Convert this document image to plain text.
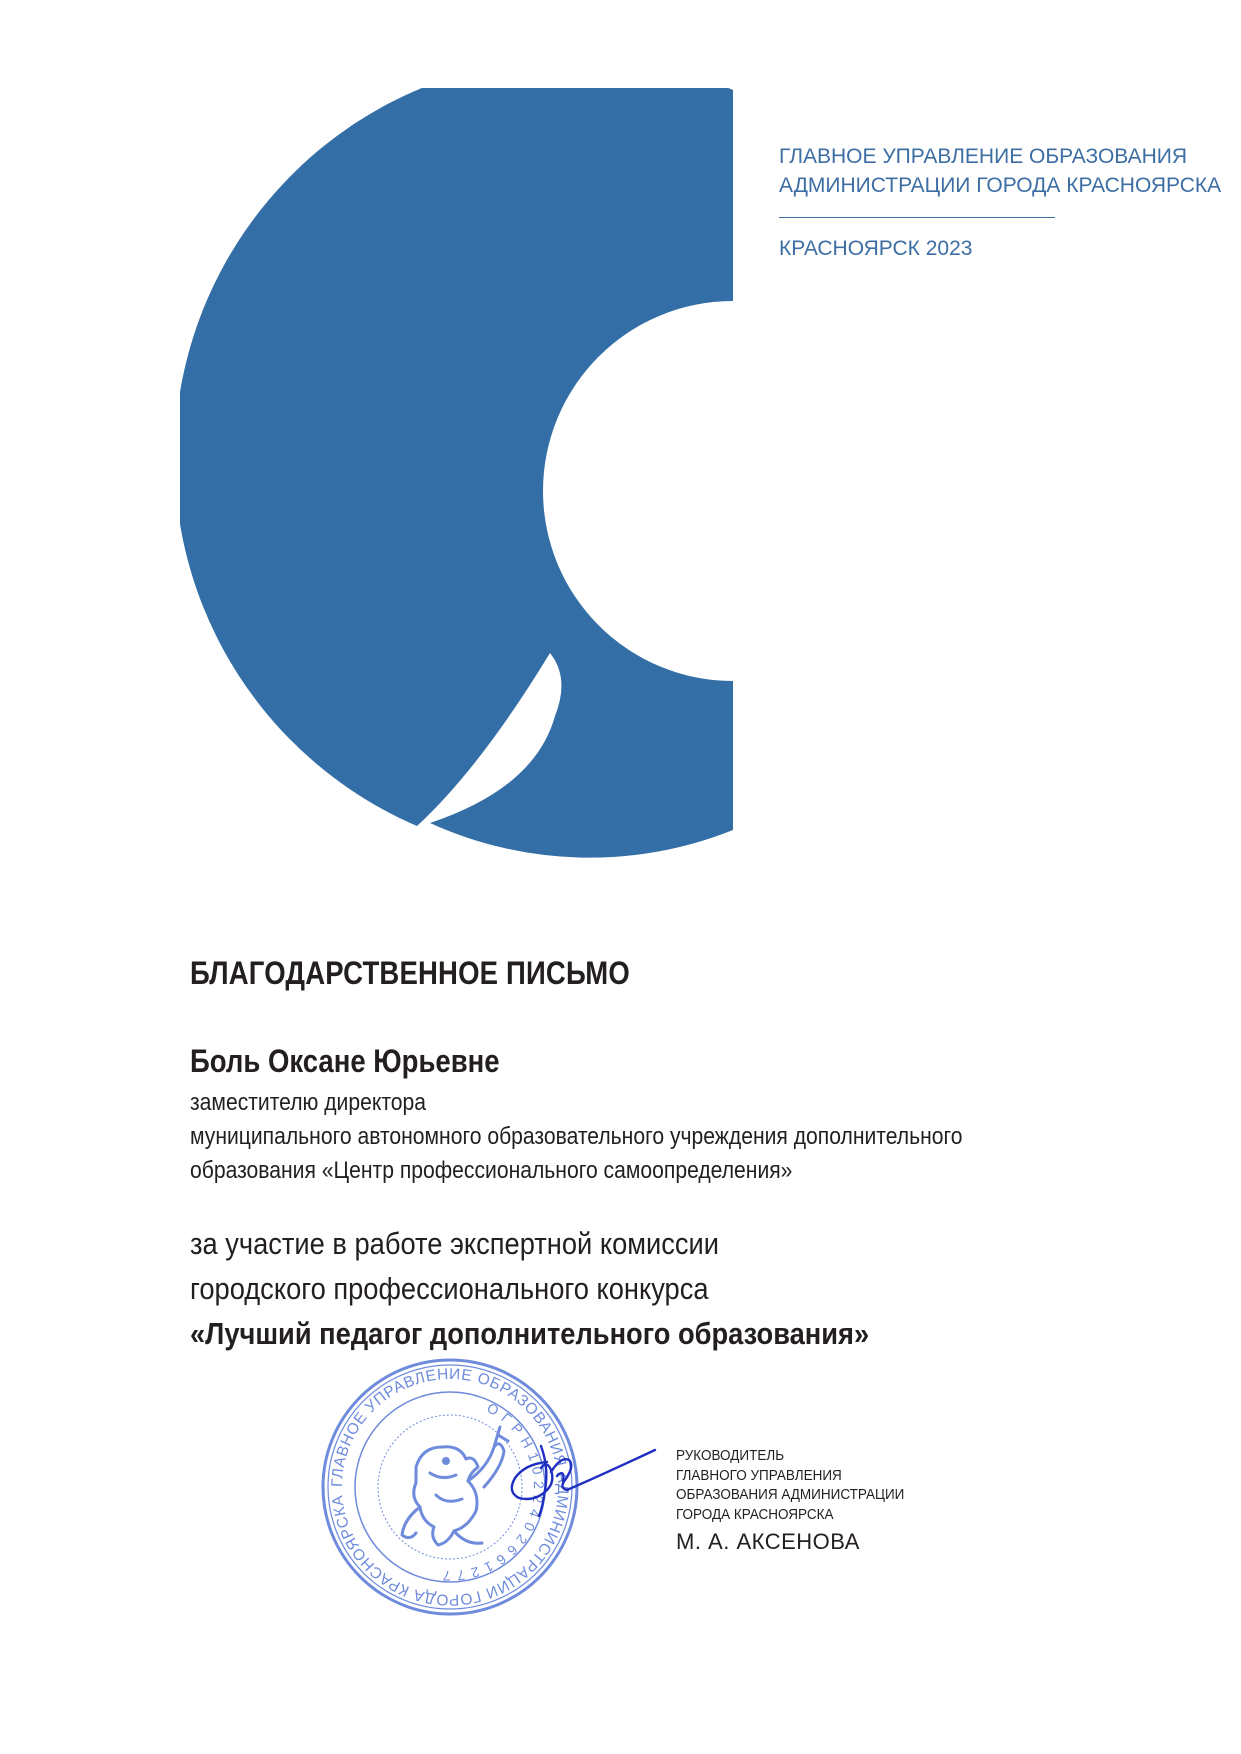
ГЛАВНОЕ УПРАВЛЕНИЕ ОБРАЗОВАНИЯ
АДМИНИСТРАЦИИ ГОРОДА КРАСНОЯРСКА
КРАСНОЯРСК 2023
БЛАГОДАРСТВЕННОЕ ПИСЬМО
Боль Оксане Юрьевне
заместителю директора
муниципального автономного образовательного учреждения дополнительного
образования «Центр профессионального самоопределения»
за участие в работе экспертной комиссии
городского профессионального конкурса
«Лучший педагог дополнительного образования»
ГЛАВНОЕ УПРАВЛЕНИЕ ОБРАЗОВАНИЯ АДМИНИСТРАЦИИ ГОРОДА КРАСНОЯРСКА
О Г Р Н 1 0 2 2 4 0 2 6 6 1 2 7 7
РУКОВОДИТЕЛЬ
ГЛАВНОГО УПРАВЛЕНИЯ
ОБРАЗОВАНИЯ АДМИНИСТРАЦИИ
ГОРОДА КРАСНОЯРСКА
М. А. АКСЕНОВА
